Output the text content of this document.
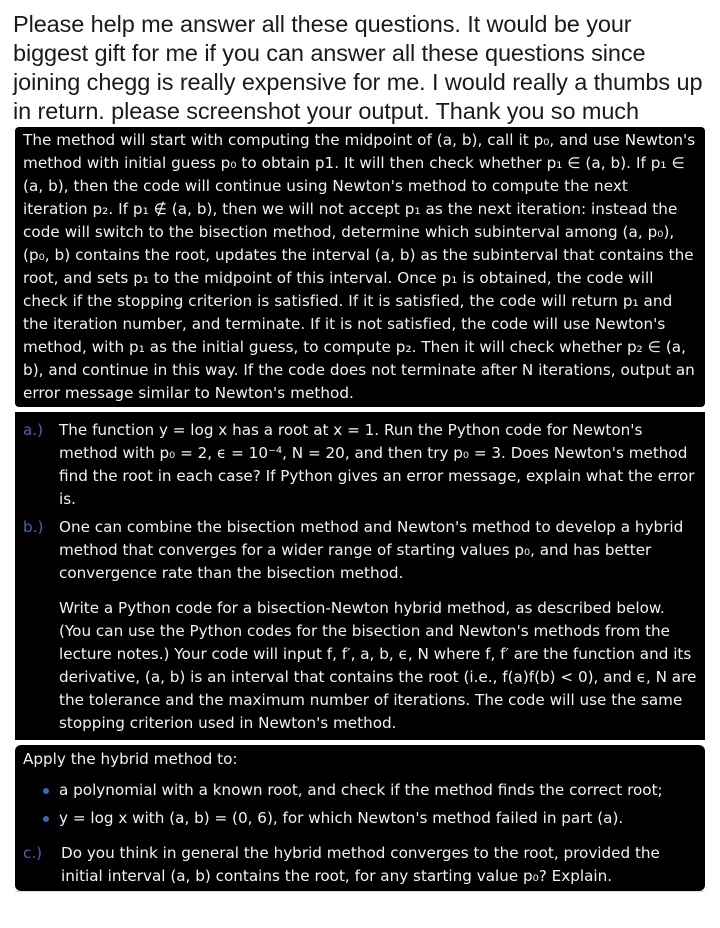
Please help me answer all these questions. It would be your biggest gift for me if you can answer all these questions since joining chegg is really expensive for me. I would really a thumbs up in return. please screenshot your output. Thank you so much

The method will start with computing the midpoint of (a, b), call it p₀, and use Newton's method with initial guess p₀ to obtain p1. It will then check whether p₁ ∈ (a, b). If p₁ ∈ (a, b), then the code will continue using Newton's method to compute the next iteration p₂. If p₁ ∉ (a, b), then we will not accept p₁ as the next iteration: instead the code will switch to the bisection method, determine which subinterval among (a, p₀), (p₀, b) contains the root, updates the interval (a, b) as the subinterval that contains the root, and sets p₁ to the midpoint of this interval. Once p₁ is obtained, the code will check if the stopping criterion is satisfied. If it is satisfied, the code will return p₁ and the iteration number, and terminate. If it is not satisfied, the code will use Newton's method, with p₁ as the initial guess, to compute p₂. Then it will check whether p₂ ∈ (a, b), and continue in this way. If the code does not terminate after N iterations, output an error message similar to Newton's method.

a.) The function y = log x has a root at x = 1. Run the Python code for Newton's method with p₀ = 2, ϵ = 10⁻⁴, N = 20, and then try p₀ = 3. Does Newton's method find the root in each case? If Python gives an error message, explain what the error is.
b.) One can combine the bisection method and Newton's method to develop a hybrid method that converges for a wider range of starting values p₀, and has better convergence rate than the bisection method.
Write a Python code for a bisection-Newton hybrid method, as described below. (You can use the Python codes for the bisection and Newton's methods from the lecture notes.) Your code will input f, f′, a, b, ϵ, N where f, f′ are the function and its derivative, (a, b) is an interval that contains the root (i.e., f(a)f(b) < 0), and ϵ, N are the tolerance and the maximum number of iterations. The code will use the same stopping criterion used in Newton's method.
Apply the hybrid method to:
a polynomial with a known root, and check if the method finds the correct root;
y = log x with (a, b) = (0, 6), for which Newton's method failed in part (a).
c.) Do you think in general the hybrid method converges to the root, provided the initial interval (a, b) contains the root, for any starting value p₀? Explain.
